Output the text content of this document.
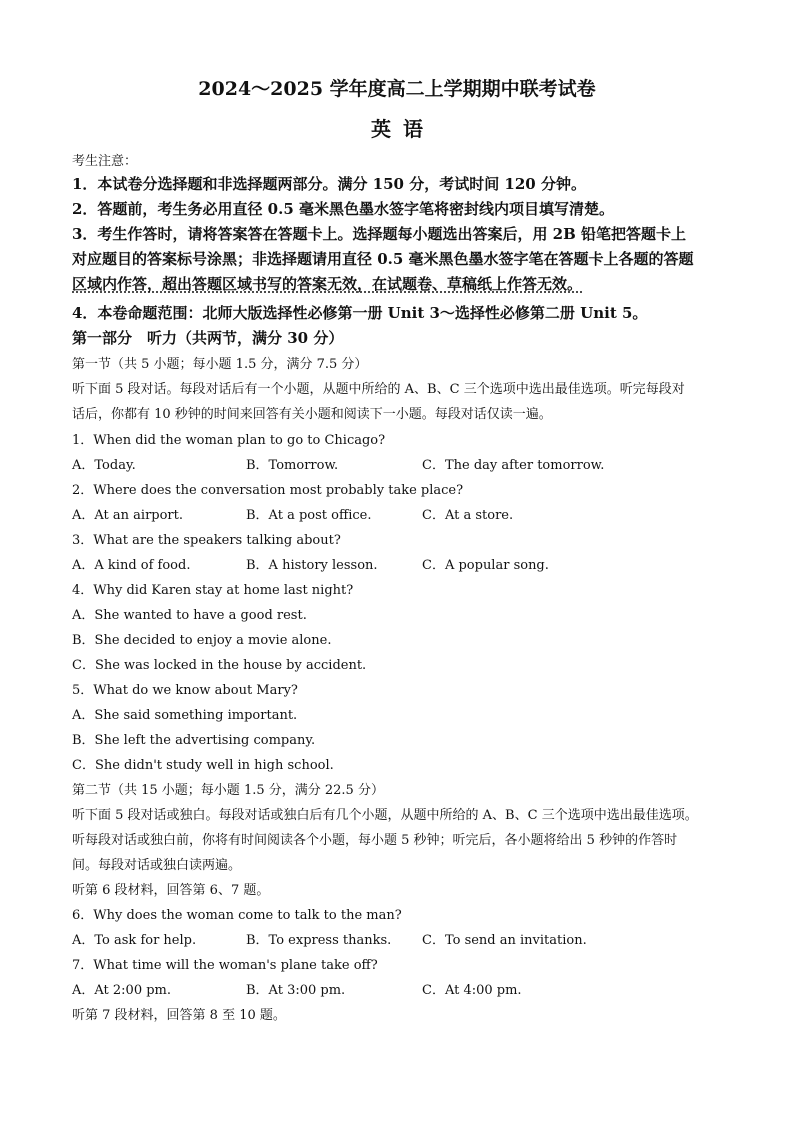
2024～2025 学年度高二上学期期中联考试卷
英语
考生注意：
1．本试卷分选择题和非选择题两部分。满分 150 分，考试时间 120 分钟。
2．答题前，考生务必用直径 0.5 毫米黑色墨水签字笔将密封线内项目填写清楚。
3．考生作答时，请将答案答在答题卡上。选择题每小题选出答案后，用 2B 铅笔把答题卡上
对应题目的答案标号涂黑；非选择题请用直径 0.5 毫米黑色墨水签字笔在答题卡上各题的答题
区域内作答，超出答题区域书写的答案无效，在试题卷、草稿纸上作答无效。
4．本卷命题范围：北师大版选择性必修第一册 Unit 3～选择性必修第二册 Unit 5。
第一部分　听力（共两节，满分 30 分）
第一节（共 5 小题；每小题 1.5 分，满分 7.5 分）
听下面 5 段对话。每段对话后有一个小题，从题中所给的 A、B、C 三个选项中选出最佳选项。听完每段对
话后，你都有 10 秒钟的时间来回答有关小题和阅读下一小题。每段对话仅读一遍。
1．When did the woman plan to go to Chicago?
A．Today.	B．Tomorrow.	C．The day after tomorrow.
2．Where does the conversation most probably take place?
A．At an airport.	B．At a post office.	C．At a store.
3．What are the speakers talking about?
A．A kind of food.	B．A history lesson.	C．A popular song.
4．Why did Karen stay at home last night?
A．She wanted to have a good rest.
B．She decided to enjoy a movie alone.
C．She was locked in the house by accident.
5．What do we know about Mary?
A．She said something important.
B．She left the advertising company.
C．She didn't study well in high school.
第二节（共 15 小题；每小题 1.5 分，满分 22.5 分）
听下面 5 段对话或独白。每段对话或独白后有几个小题，从题中所给的 A、B、C 三个选项中选出最佳选项。
听每段对话或独白前，你将有时间阅读各个小题，每小题 5 秒钟；听完后，各小题将给出 5 秒钟的作答时
间。每段对话或独白读两遍。
听第 6 段材料，回答第 6、7 题。
6．Why does the woman come to talk to the man?
A．To ask for help.	B．To express thanks. C．To send an invitation.
7．What time will the woman's plane take off?
A．At 2:00 pm.	B．At 3:00 pm.	C．At 4:00 pm.
听第 7 段材料，回答第 8 至 10 题。
